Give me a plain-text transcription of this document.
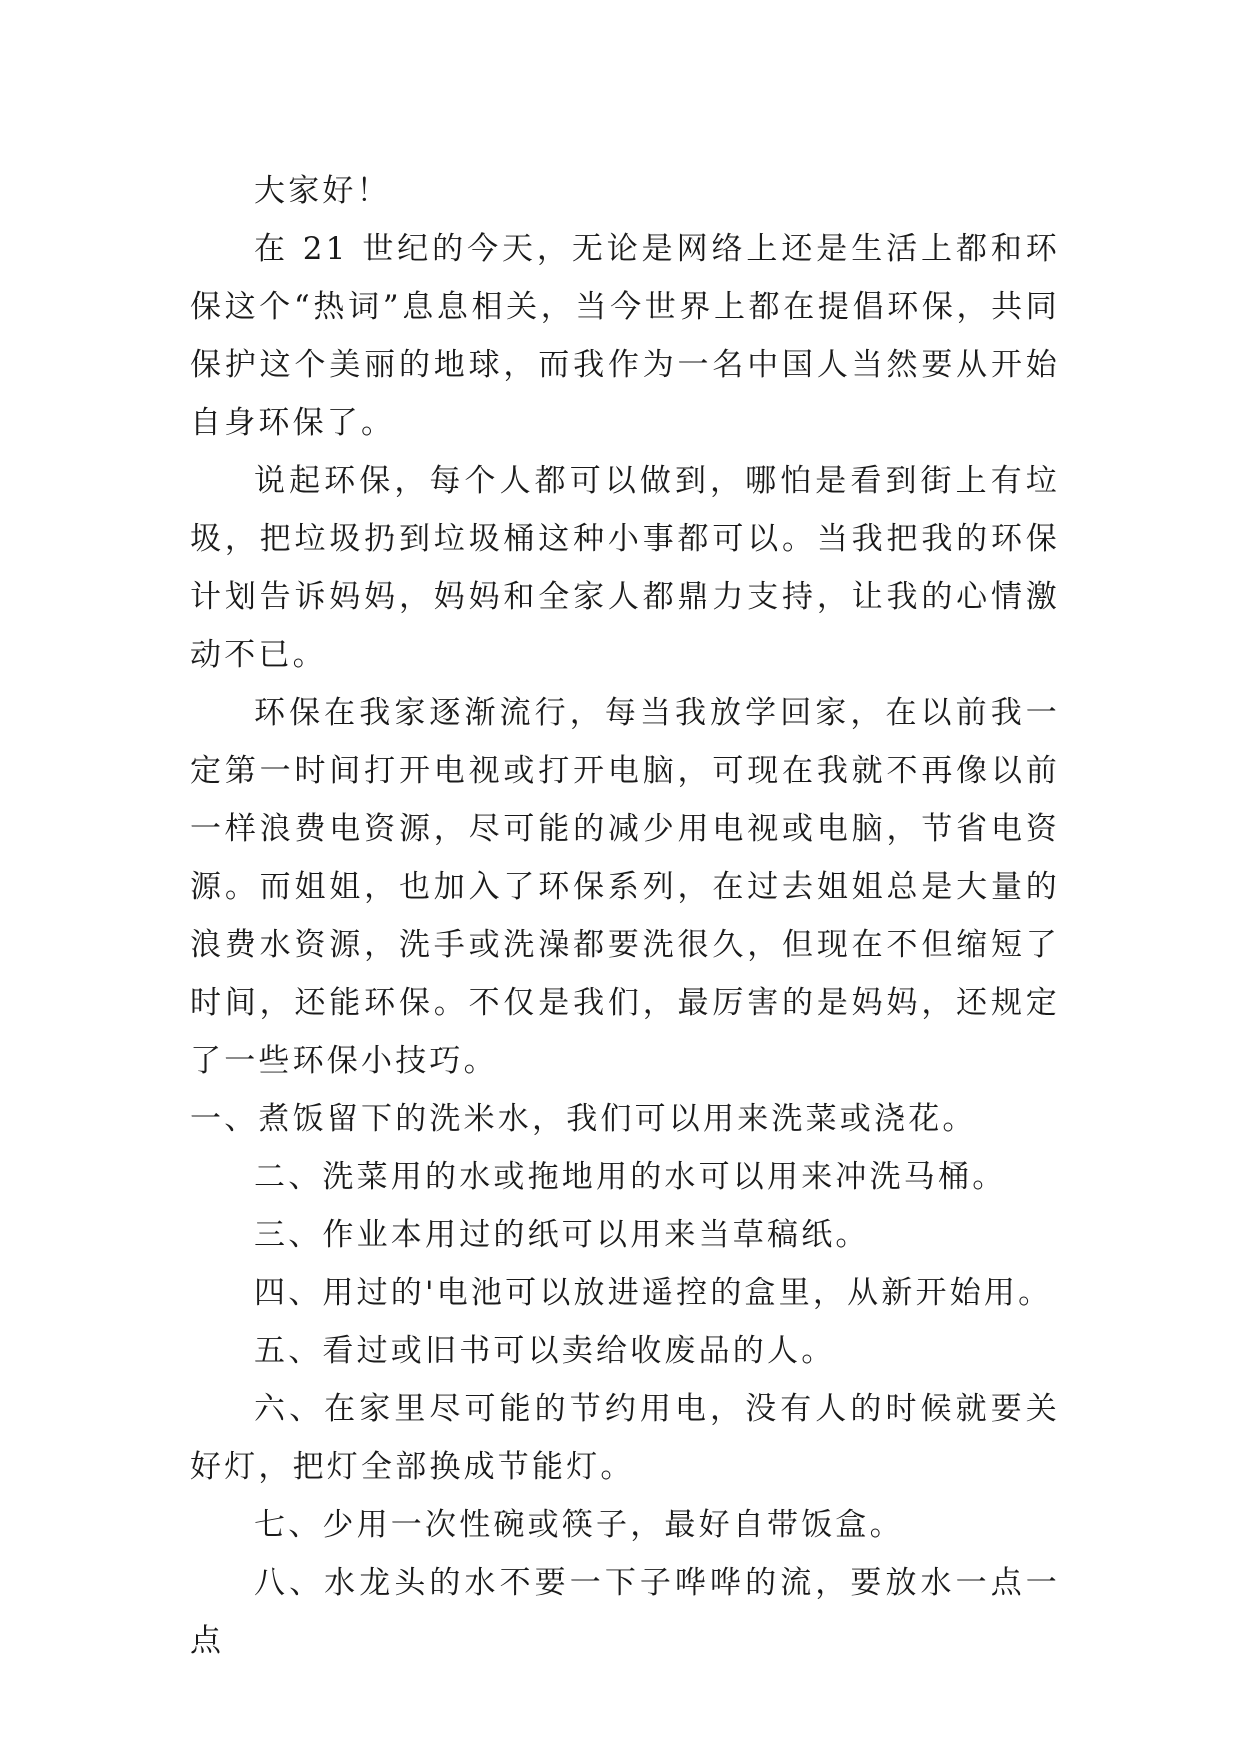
大家好！

在 21 世纪的今天，无论是网络上还是生活上都和环保这个“热词”息息相关，当今世界上都在提倡环保，共同保护这个美丽的地球，而我作为一名中国人当然要从开始自身环保了。

说起环保，每个人都可以做到，哪怕是看到街上有垃圾，把垃圾扔到垃圾桶这种小事都可以。当我把我的环保计划告诉妈妈，妈妈和全家人都鼎力支持，让我的心情激动不已。

环保在我家逐渐流行，每当我放学回家，在以前我一定第一时间打开电视或打开电脑，可现在我就不再像以前一样浪费电资源，尽可能的减少用电视或电脑，节省电资源。而姐姐，也加入了环保系列，在过去姐姐总是大量的浪费水资源，洗手或洗澡都要洗很久，但现在不但缩短了时间，还能环保。不仅是我们，最厉害的是妈妈，还规定了一些环保小技巧。

一、煮饭留下的洗米水，我们可以用来洗菜或浇花。

二、洗菜用的水或拖地用的水可以用来冲洗马桶。

三、作业本用过的纸可以用来当草稿纸。

四、用过的'电池可以放进遥控的盒里，从新开始用。

五、看过或旧书可以卖给收废品的人。

六、在家里尽可能的节约用电，没有人的时候就要关好灯，把灯全部换成节能灯。

七、少用一次性碗或筷子，最好自带饭盒。

八、水龙头的水不要一下子哗哗的流，要放水一点一点
